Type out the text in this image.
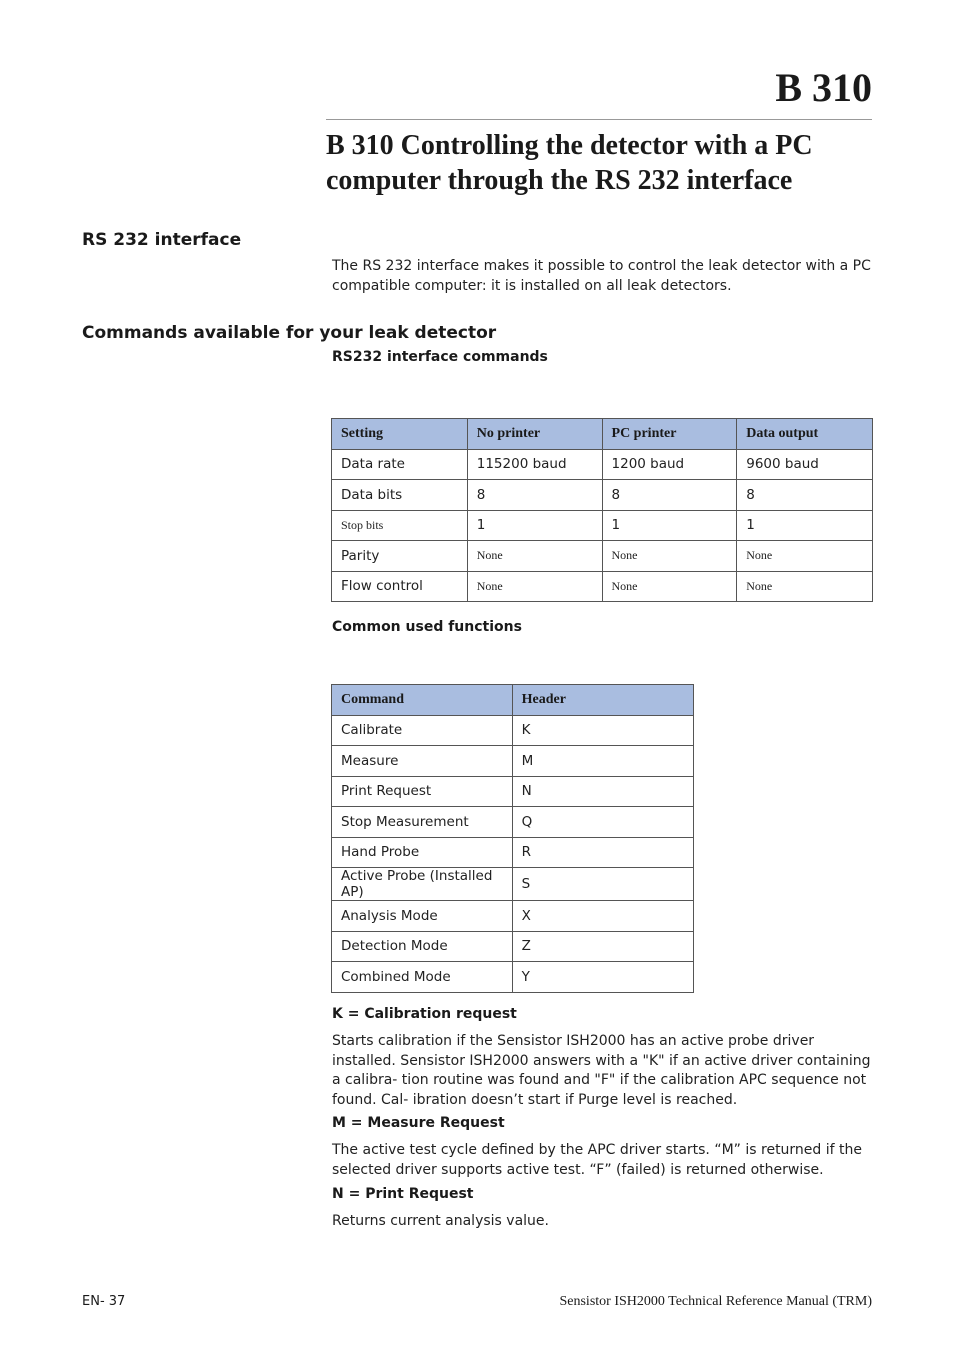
B 310
B 310 Controlling the detector with a PC computer through the RS 232 interface
RS 232 interface

The RS 232 interface makes it possible to control the leak detector with a PC compatible computer: it is installed on all leak detectors.

Commands available for your leak detector

RS232 interface commands

Setting	No printer	PC printer	Data output
Data rate	115200 baud	1200 baud	9600 baud
Data bits	8	8	8
Stop bits	1	1	1
Parity	None	None	None
Flow control	None	None	None

Common used functions

Command	Header
Calibrate	K
Measure	M
Print Request	N
Stop Measurement	Q
Hand Probe	R
Active Probe (Installed AP)	S
Analysis Mode	X
Detection Mode	Z
Combined Mode	Y

K = Calibration request

Starts calibration if the Sensistor ISH2000 has an active probe driver installed. Sensistor ISH2000 answers with a "K" if an active driver containing a calibra- tion routine was found and "F" if the calibration APC sequence not found. Cal- ibration doesn’t start if Purge level is reached.

M = Measure Request

The active test cycle defined by the APC driver starts. “M” is returned if the selected driver supports active test. “F” (failed) is returned otherwise.

N = Print Request

Returns current analysis value.

EN- 37	Sensistor ISH2000 Technical Reference Manual (TRM)
